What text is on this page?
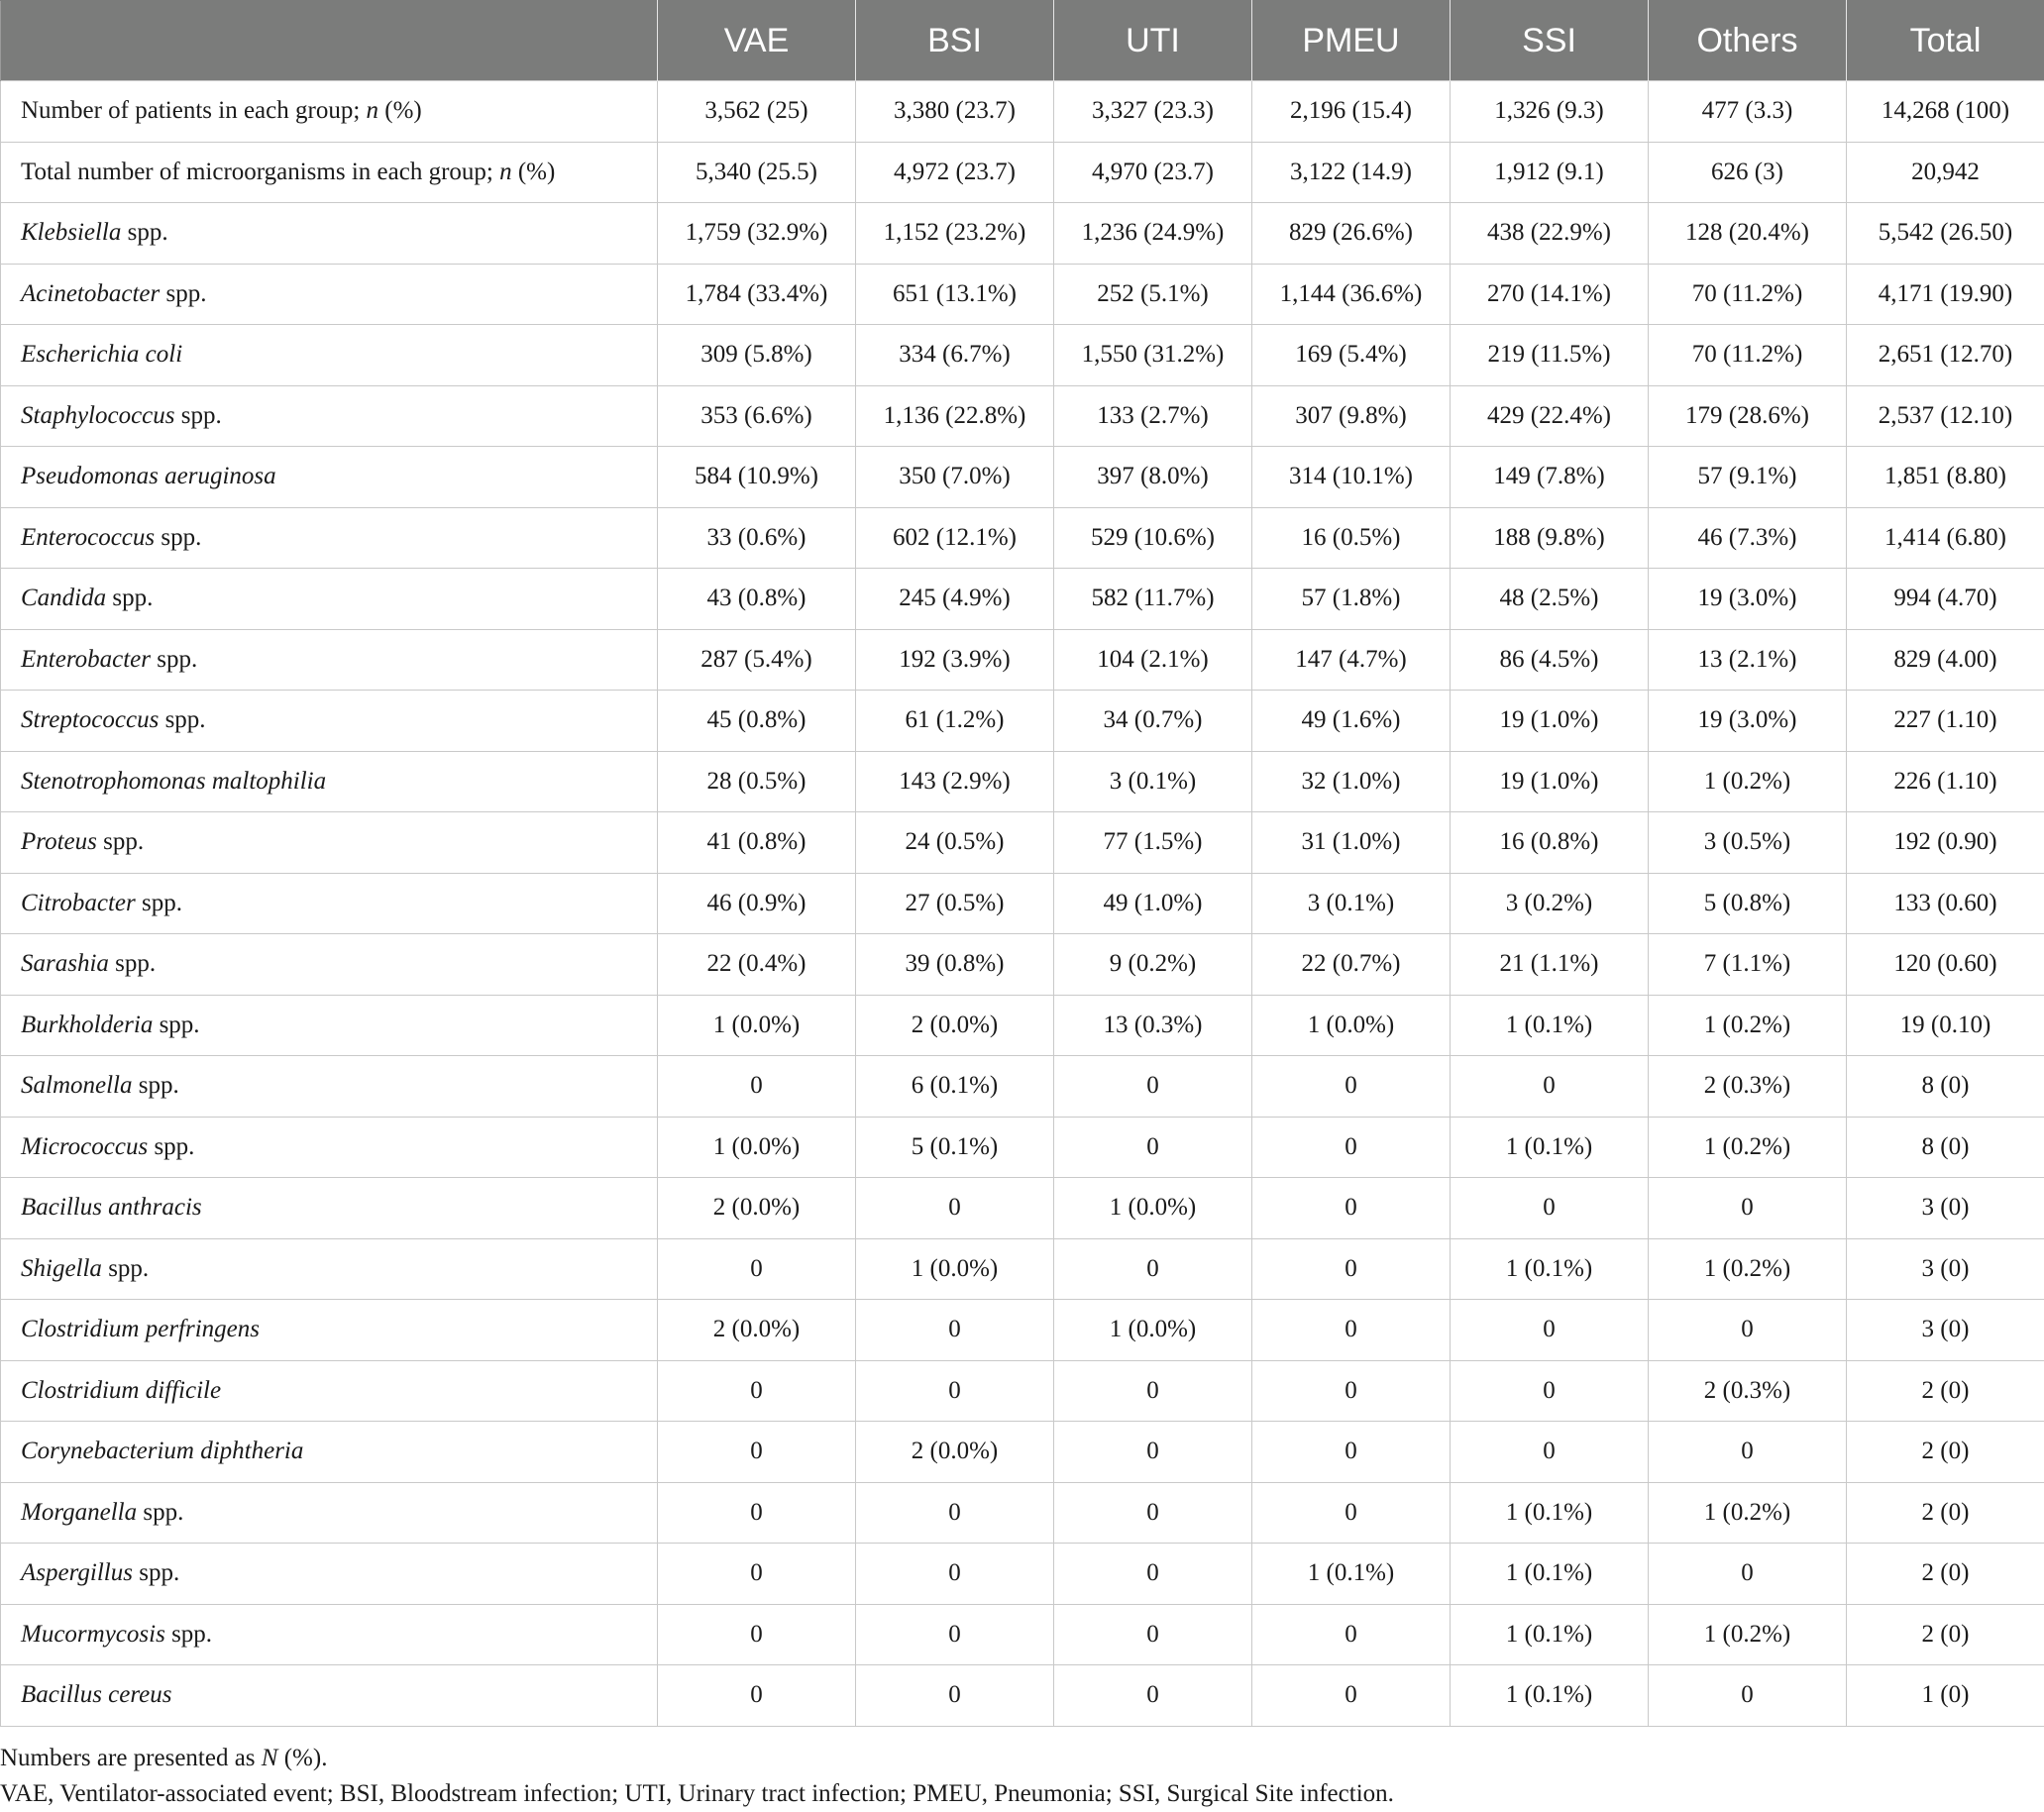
	VAE	BSI	UTI	PMEU	SSI	Others	Total
Number of patients in each group; n (%)	3,562 (25)	3,380 (23.7)	3,327 (23.3)	2,196 (15.4)	1,326 (9.3)	477 (3.3)	14,268 (100)
Total number of microorganisms in each group; n (%)	5,340 (25.5)	4,972 (23.7)	4,970 (23.7)	3,122 (14.9)	1,912 (9.1)	626 (3)	20,942
Klebsiella spp.	1,759 (32.9%)	1,152 (23.2%)	1,236 (24.9%)	829 (26.6%)	438 (22.9%)	128 (20.4%)	5,542 (26.50)
Acinetobacter spp.	1,784 (33.4%)	651 (13.1%)	252 (5.1%)	1,144 (36.6%)	270 (14.1%)	70 (11.2%)	4,171 (19.90)
Escherichia coli	309 (5.8%)	334 (6.7%)	1,550 (31.2%)	169 (5.4%)	219 (11.5%)	70 (11.2%)	2,651 (12.70)
Staphylococcus spp.	353 (6.6%)	1,136 (22.8%)	133 (2.7%)	307 (9.8%)	429 (22.4%)	179 (28.6%)	2,537 (12.10)
Pseudomonas aeruginosa	584 (10.9%)	350 (7.0%)	397 (8.0%)	314 (10.1%)	149 (7.8%)	57 (9.1%)	1,851 (8.80)
Enterococcus spp.	33 (0.6%)	602 (12.1%)	529 (10.6%)	16 (0.5%)	188 (9.8%)	46 (7.3%)	1,414 (6.80)
Candida spp.	43 (0.8%)	245 (4.9%)	582 (11.7%)	57 (1.8%)	48 (2.5%)	19 (3.0%)	994 (4.70)
Enterobacter spp.	287 (5.4%)	192 (3.9%)	104 (2.1%)	147 (4.7%)	86 (4.5%)	13 (2.1%)	829 (4.00)
Streptococcus spp.	45 (0.8%)	61 (1.2%)	34 (0.7%)	49 (1.6%)	19 (1.0%)	19 (3.0%)	227 (1.10)
Stenotrophomonas maltophilia	28 (0.5%)	143 (2.9%)	3 (0.1%)	32 (1.0%)	19 (1.0%)	1 (0.2%)	226 (1.10)
Proteus spp.	41 (0.8%)	24 (0.5%)	77 (1.5%)	31 (1.0%)	16 (0.8%)	3 (0.5%)	192 (0.90)
Citrobacter spp.	46 (0.9%)	27 (0.5%)	49 (1.0%)	3 (0.1%)	3 (0.2%)	5 (0.8%)	133 (0.60)
Sarashia spp.	22 (0.4%)	39 (0.8%)	9 (0.2%)	22 (0.7%)	21 (1.1%)	7 (1.1%)	120 (0.60)
Burkholderia spp.	1 (0.0%)	2 (0.0%)	13 (0.3%)	1 (0.0%)	1 (0.1%)	1 (0.2%)	19 (0.10)
Salmonella spp.	0	6 (0.1%)	0	0	0	2 (0.3%)	8 (0)
Micrococcus spp.	1 (0.0%)	5 (0.1%)	0	0	1 (0.1%)	1 (0.2%)	8 (0)
Bacillus anthracis	2 (0.0%)	0	1 (0.0%)	0	0	0	3 (0)
Shigella spp.	0	1 (0.0%)	0	0	1 (0.1%)	1 (0.2%)	3 (0)
Clostridium perfringens	2 (0.0%)	0	1 (0.0%)	0	0	0	3 (0)
Clostridium difficile	0	0	0	0	0	2 (0.3%)	2 (0)
Corynebacterium diphtheria	0	2 (0.0%)	0	0	0	0	2 (0)
Morganella spp.	0	0	0	0	1 (0.1%)	1 (0.2%)	2 (0)
Aspergillus spp.	0	0	0	1 (0.1%)	1 (0.1%)	0	2 (0)
Mucormycosis spp.	0	0	0	0	1 (0.1%)	1 (0.2%)	2 (0)
Bacillus cereus	0	0	0	0	1 (0.1%)	0	1 (0)

Numbers are presented as N (%).

VAE, Ventilator-associated event; BSI, Bloodstream infection; UTI, Urinary tract infection; PMEU, Pneumonia; SSI, Surgical Site infection.
